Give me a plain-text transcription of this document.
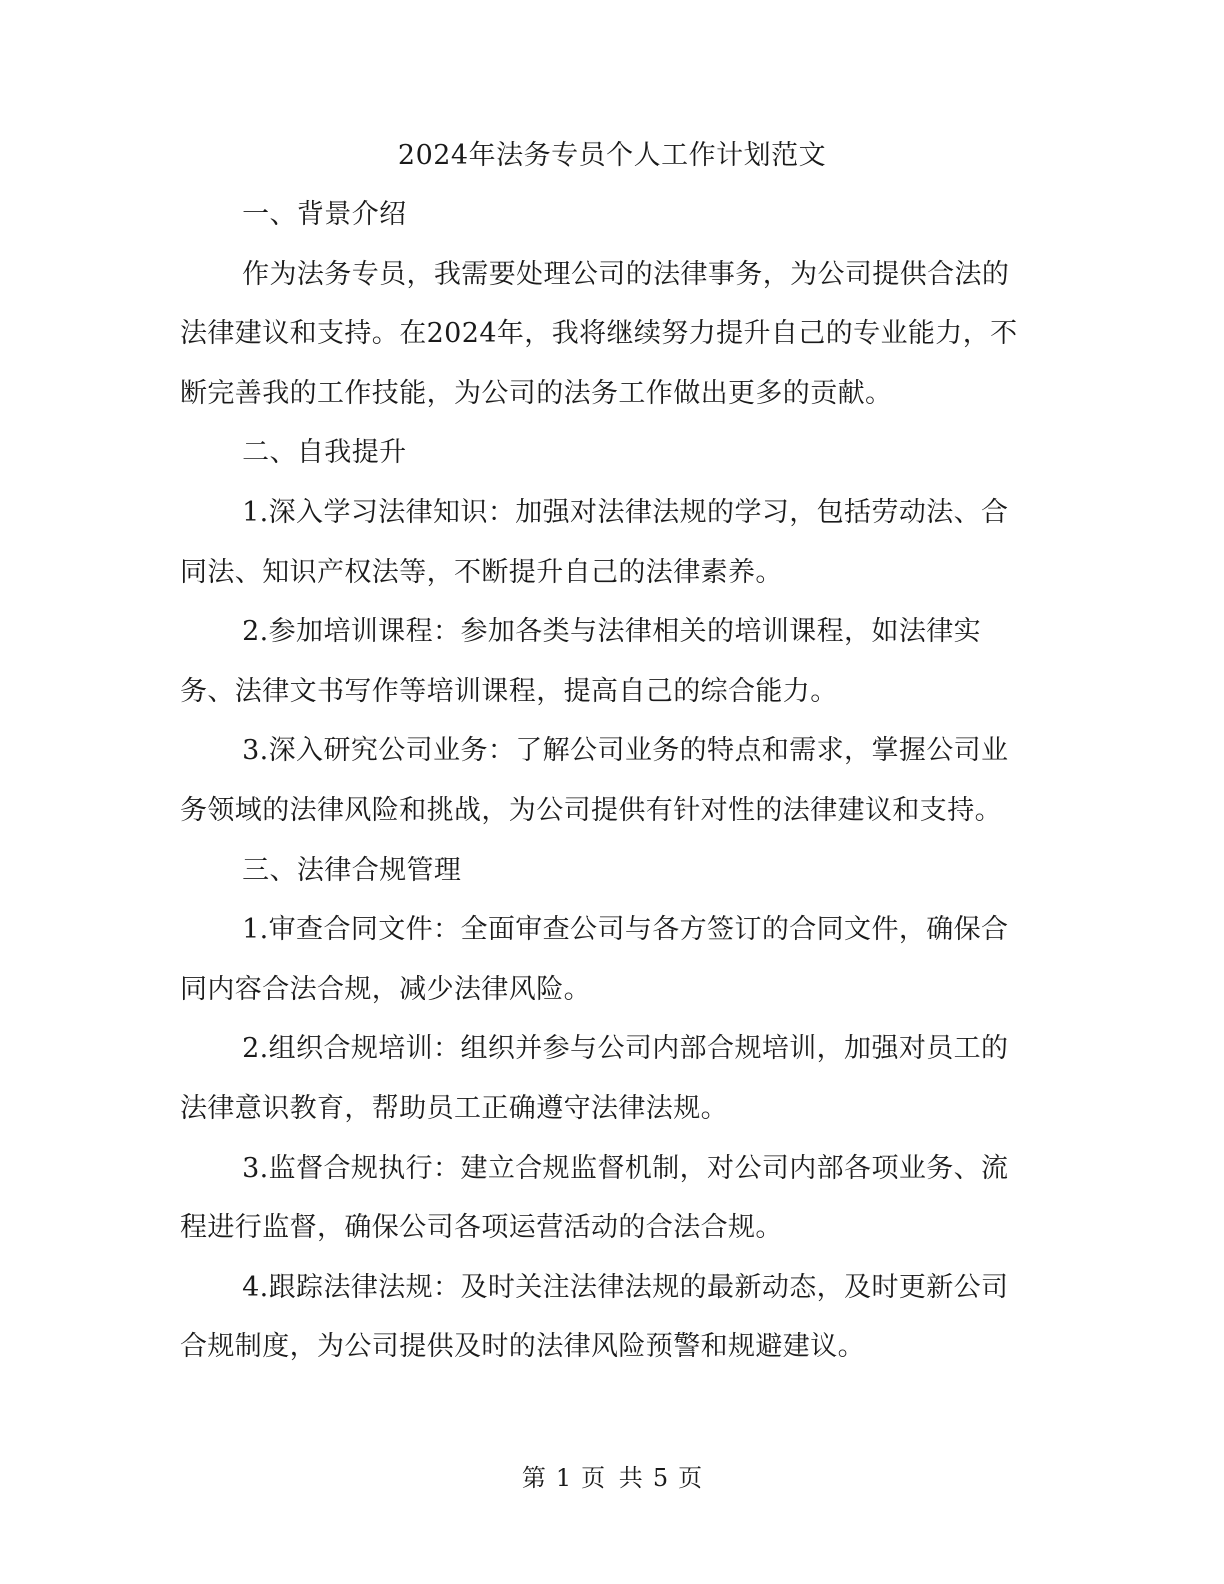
2024年法务专员个人工作计划范文

一、背景介绍

作为法务专员，我需要处理公司的法律事务，为公司提供合法的法律建议和支持。在2024年，我将继续努力提升自己的专业能力，不断完善我的工作技能，为公司的法务工作做出更多的贡献。

二、自我提升

1.深入学习法律知识：加强对法律法规的学习，包括劳动法、合同法、知识产权法等，不断提升自己的法律素养。

2.参加培训课程：参加各类与法律相关的培训课程，如法律实务、法律文书写作等培训课程，提高自己的综合能力。

3.深入研究公司业务：了解公司业务的特点和需求，掌握公司业务领域的法律风险和挑战，为公司提供有针对性的法律建议和支持。

三、法律合规管理

1.审查合同文件：全面审查公司与各方签订的合同文件，确保合同内容合法合规，减少法律风险。

2.组织合规培训：组织并参与公司内部合规培训，加强对员工的法律意识教育，帮助员工正确遵守法律法规。

3.监督合规执行：建立合规监督机制，对公司内部各项业务、流程进行监督，确保公司各项运营活动的合法合规。

4.跟踪法律法规：及时关注法律法规的最新动态，及时更新公司合规制度，为公司提供及时的法律风险预警和规避建议。

第 1 页 共 5 页
